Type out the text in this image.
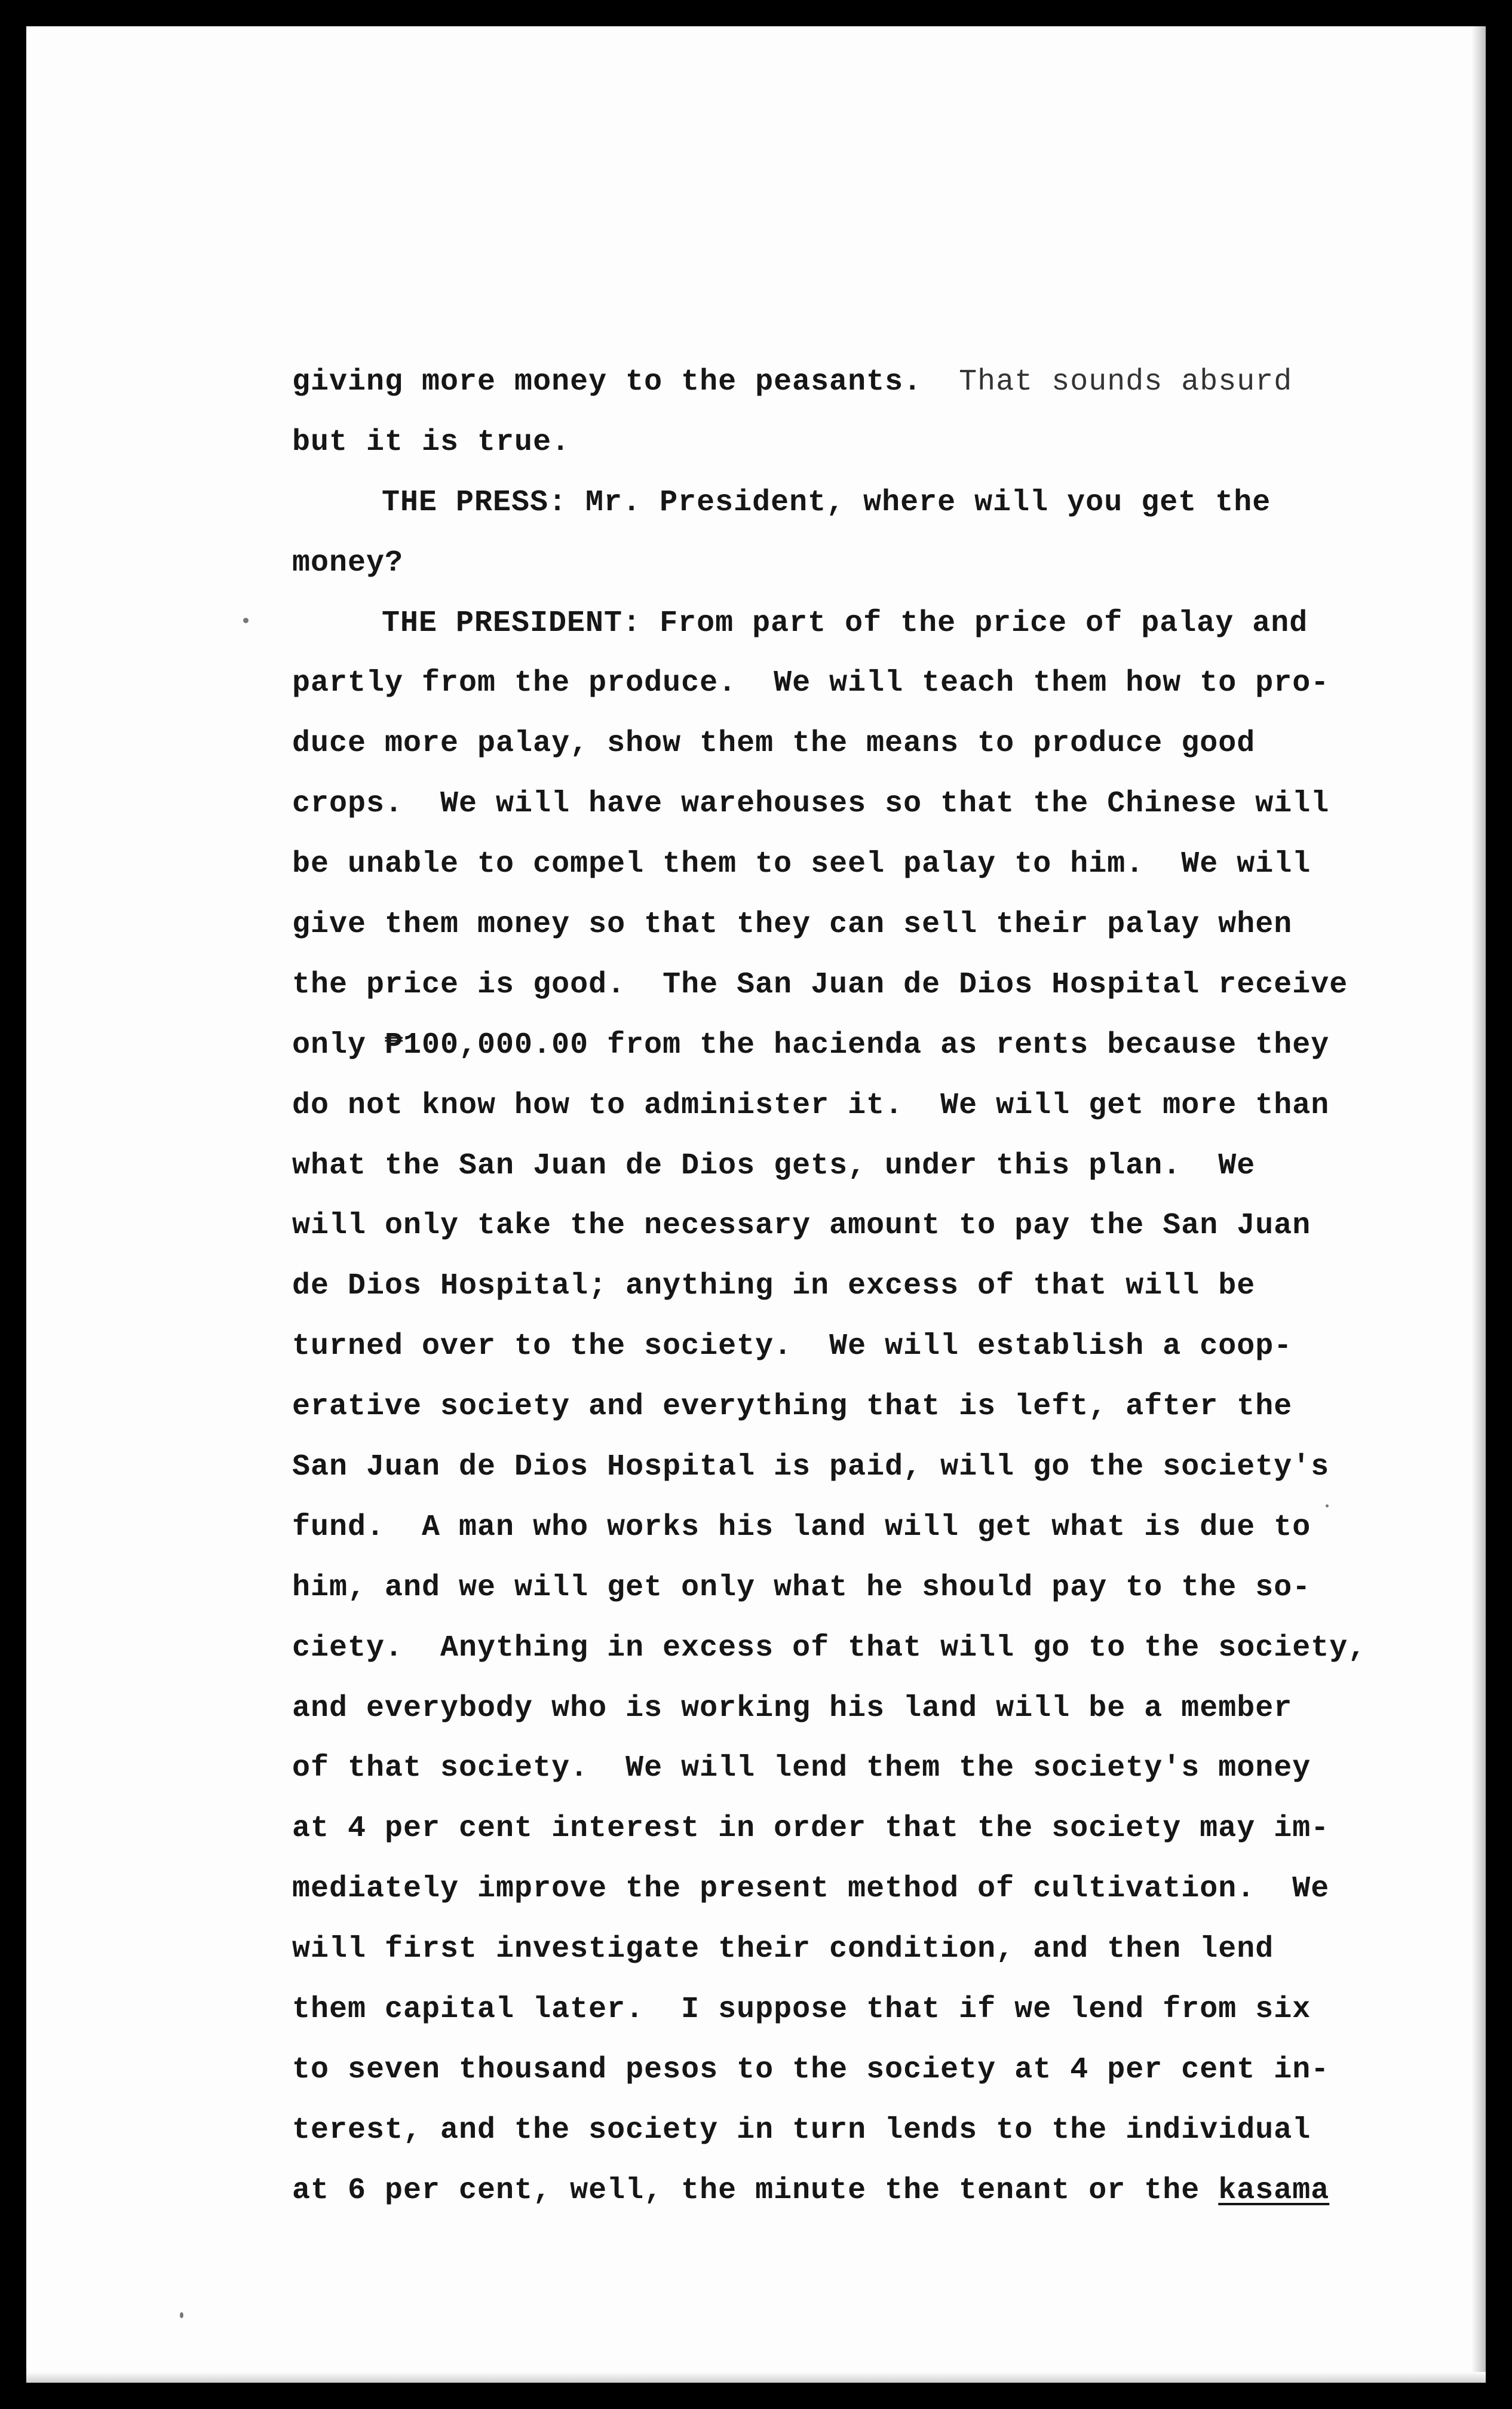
giving more money to the peasants.  That sounds absurd
but it is true.
THE PRESS: Mr. President, where will you get the
money?
THE PRESIDENT: From part of the price of palay and
partly from the produce.  We will teach them how to pro-
duce more palay, show them the means to produce good
crops.  We will have warehouses so that the Chinese will
be unable to compel them to seel palay to him.  We will
give them money so that they can sell their palay when
the price is good.  The San Juan de Dios Hospital receive
only ₱100,000.00 from the hacienda as rents because they
do not know how to administer it.  We will get more than
what the San Juan de Dios gets, under this plan.  We
will only take the necessary amount to pay the San Juan
de Dios Hospital; anything in excess of that will be
turned over to the society.  We will establish a coop-
erative society and everything that is left, after the
San Juan de Dios Hospital is paid, will go the society's
fund.  A man who works his land will get what is due to
him, and we will get only what he should pay to the so-
ciety.  Anything in excess of that will go to the society,
and everybody who is working his land will be a member
of that society.  We will lend them the society's money
at 4 per cent interest in order that the society may im-
mediately improve the present method of cultivation.  We
will first investigate their condition, and then lend
them capital later.  I suppose that if we lend from six
to seven thousand pesos to the society at 4 per cent in-
terest, and the society in turn lends to the individual
at 6 per cent, well, the minute the tenant or the kasama
